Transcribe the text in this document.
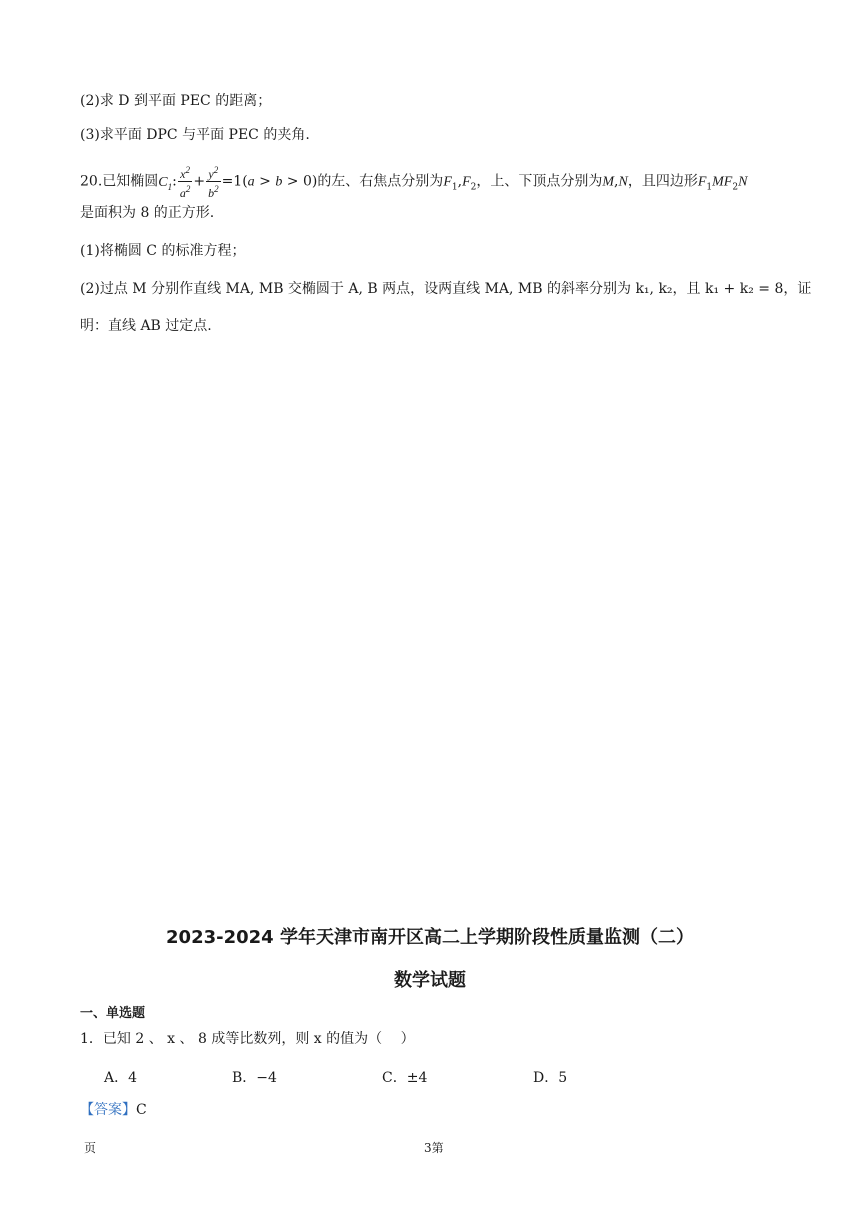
(2)求 D 到平面 PEC 的距离；
(3)求平面 DPC 与平面 PEC 的夹角.
20.已知椭圆$C_1$: $\frac{x^2}{a^2} + \frac{y^2}{b^2} =1(a > b > 0)$的左、右焦点分别为$F_1,F_2$，上、下顶点分别为M,N，且四边形$F_1MF_2N$
是面积为 8 的正方形.
(1)将椭圆 C 的标准方程；
(2)过点 M 分别作直线 MA, MB 交椭圆于 A, B 两点，设两直线 MA, MB 的斜率分别为 k₁, k₂，且 k₁ + k₂ = 8，证
明：直线 AB 过定点.
2023-2024 学年天津市南开区高二上学期阶段性质量监测（二）
数学试题
一、单选题
1．已知 2 、 x 、 8 成等比数列，则 x 的值为（　 ）
A．4	B．−4	C．±4	D．5
【答案】C
页	3第
